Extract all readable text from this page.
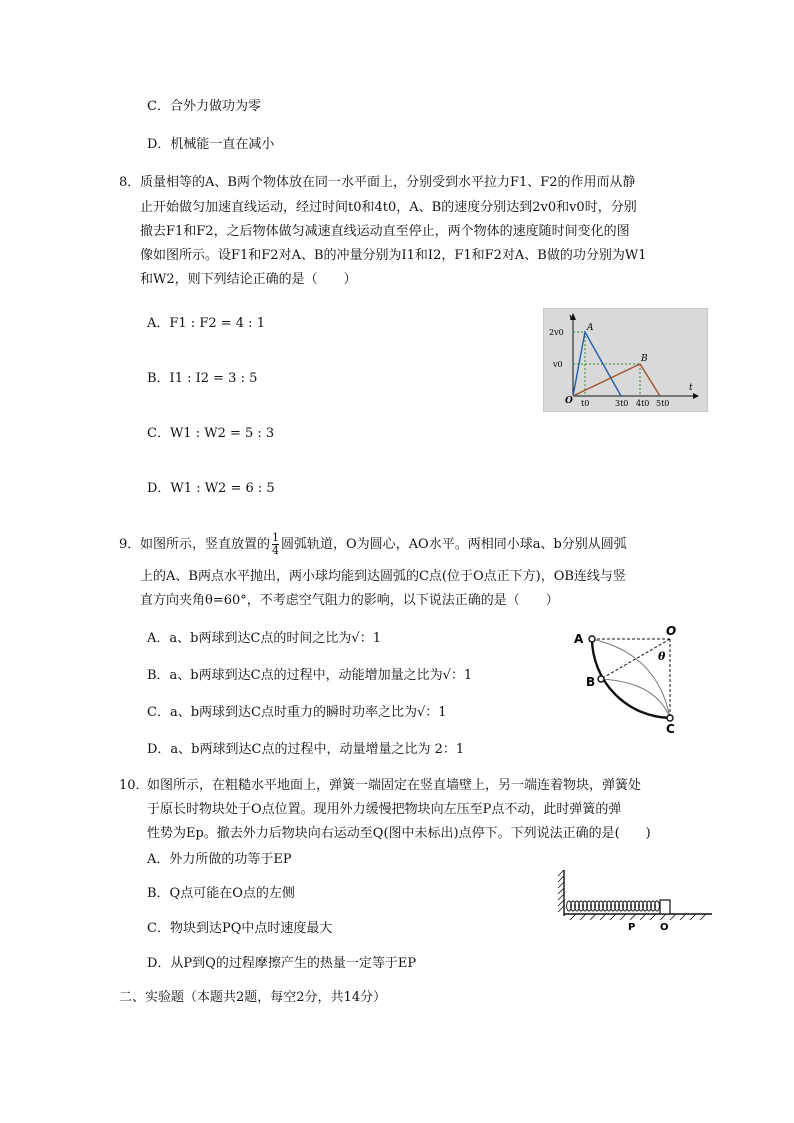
C．合外力做功为零
D．机械能一直在减小
8． 质量相等的A、B两个物体放在同一水平面上，分别受到水平拉力F1、F2的作用而从静
止开始做匀加速直线运动，经过时间t0和4t0，A、B的速度分别达到2v0和v0时，分别
撤去F1和F2，之后物体做匀减速直线运动直至停止，两个物体的速度随时间变化的图
像如图所示。设F1和F2对A、B的冲量分别为I1和I2，F1和F2对A、B做的功分别为W1
和W2，则下列结论正确的是（　　）
A．F1 : F2 = 4 : 1
B．I1 : I2 = 3 : 5
C．W1 : W2 = 5 : 3
D．W1 : W2 = 6 : 5
v
t
O
2v0
v0
t0	3t0 4t0 5t0
A
B
9． 如图所示，竖直放置的 $\frac{1}{4}$ 圆弧轨道，O为圆心，AO水平。两相同小球a、b分别从圆弧
上的A、B两点水平抛出，两小球均能到达圆弧的C点(位于O点正下方)，OB连线与竖
直方向夹角θ=60°，不考虑空气阻力的影响，以下说法正确的是（　　）
A．a、b两球到达C点的时间之比为√：1
B．a、b两球到达C点的过程中，动能增加量之比为√：1
C．a、b两球到达C点时重力的瞬时功率之比为√：1
D．a、b两球到达C点的过程中，动量增量之比为 2：1
A
O
B
C
θ
10．
如图所示，在粗糙水平地面上，弹簧一端固定在竖直墙壁上，另一端连着物块，弹簧处
于原长时物块处于O点位置。现用外力缓慢把物块向左压至P点不动，此时弹簧的弹
性势为Ep。撤去外力后物块向右运动至Q(图中未标出)点停下。下列说法正确的是(　　)
A．外力所做的功等于EP
B．Q点可能在O点的左侧
C．物块到达PQ中点时速度最大
D．从P到Q的过程摩擦产生的热量一定等于EP
P O
二、实验题（本题共2题，每空2分，共14分）
